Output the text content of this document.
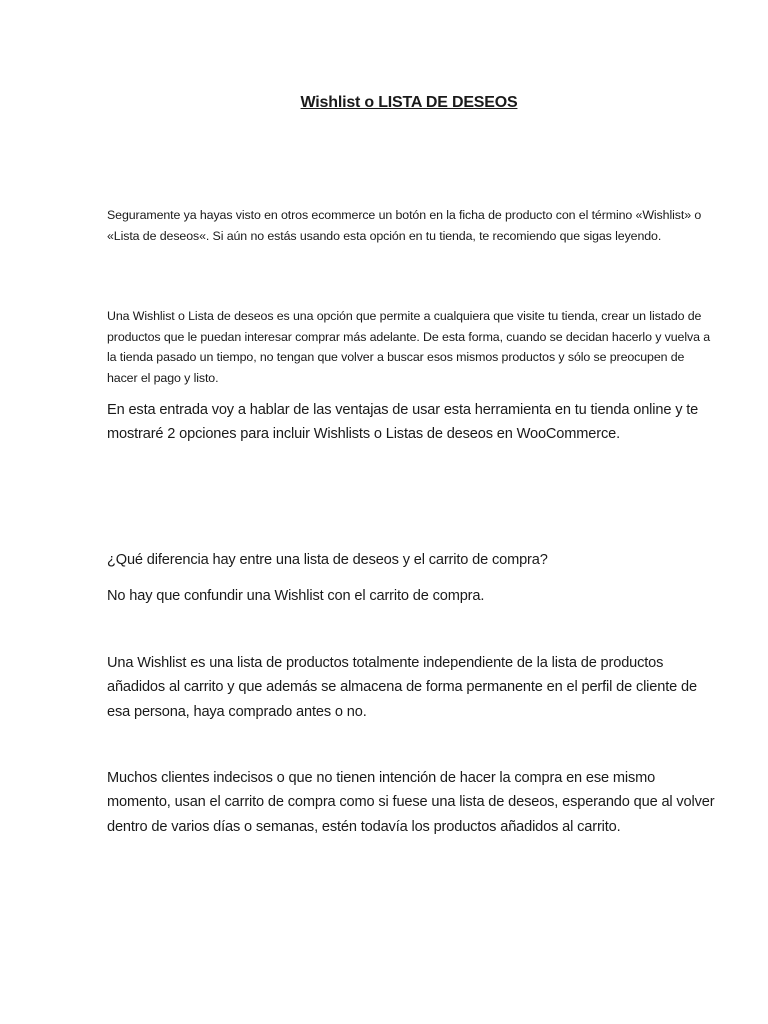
Wishlist o LISTA DE DESEOS

Seguramente ya hayas visto en otros ecommerce un botón en la ficha de producto con el término «Wishlist» o «Lista de deseos«. Si aún no estás usando esta opción en tu tienda, te recomiendo que sigas leyendo.

Una Wishlist o Lista de deseos es una opción que permite a cualquiera que visite tu tienda, crear un listado de productos que le puedan interesar comprar más adelante. De esta forma, cuando se decidan hacerlo y vuelva a la tienda pasado un tiempo, no tengan que volver a buscar esos mismos productos y sólo se preocupen de hacer el pago y listo.

En esta entrada voy a hablar de las ventajas de usar esta herramienta en tu tienda online y te mostraré 2 opciones para incluir Wishlists o Listas de deseos en WooCommerce.

¿Qué diferencia hay entre una lista de deseos y el carrito de compra?

No hay que confundir una Wishlist con el carrito de compra.

Una Wishlist es una lista de productos totalmente independiente de la lista de productos añadidos al carrito y que además se almacena de forma permanente en el perfil de cliente de esa persona, haya comprado antes o no.

Muchos clientes indecisos o que no tienen intención de hacer la compra en ese mismo momento, usan el carrito de compra como si fuese una lista de deseos, esperando que al volver dentro de varios días o semanas, estén todavía los productos añadidos al carrito.
